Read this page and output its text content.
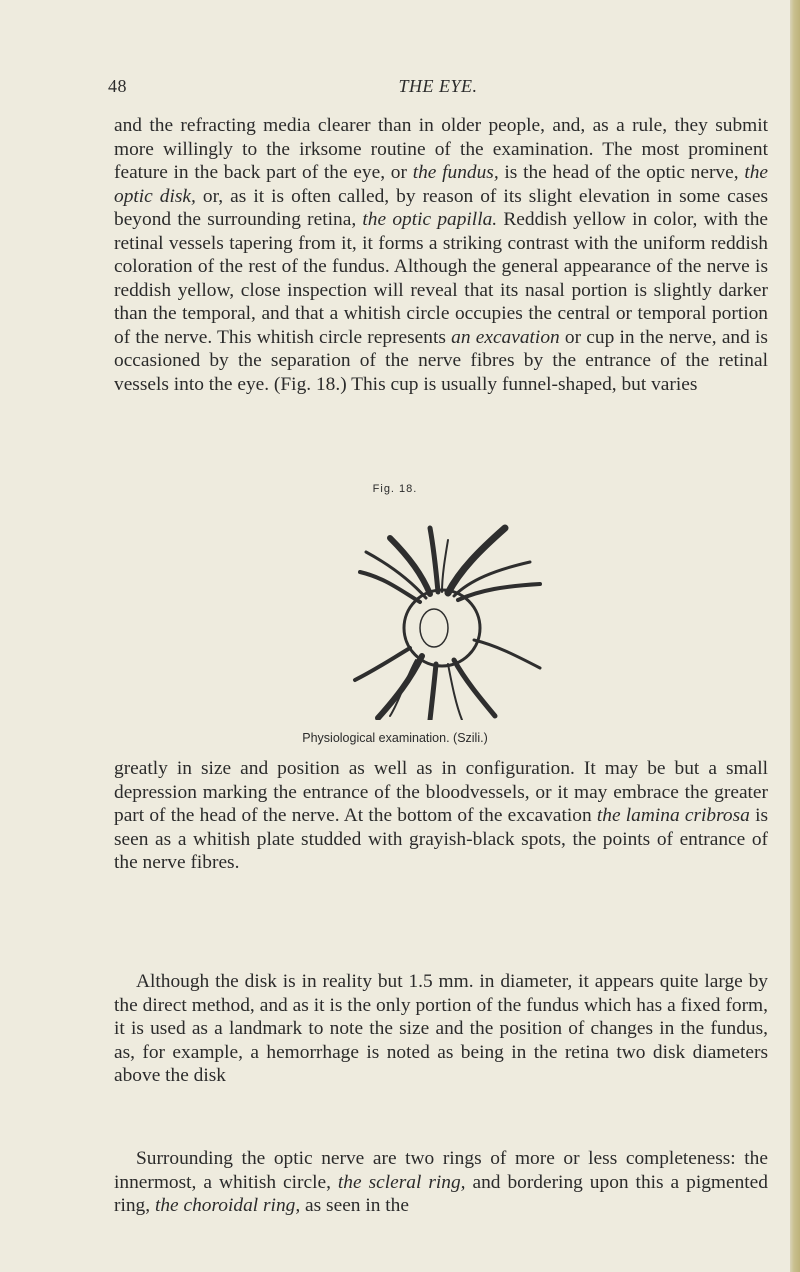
48	THE EYE.

and the refracting media clearer than in older people, and, as a rule, they submit more willingly to the irksome routine of the examination. The most prominent feature in the back part of the eye, or the fundus, is the head of the optic nerve, the optic disk, or, as it is often called, by reason of its slight elevation in some cases beyond the surrounding retina, the optic papilla. Reddish yellow in color, with the retinal vessels tapering from it, it forms a striking contrast with the uniform reddish coloration of the rest of the fundus. Although the general appearance of the nerve is reddish yellow, close inspection will reveal that its nasal portion is slightly darker than the temporal, and that a whitish circle occupies the central or temporal portion of the nerve. This whitish circle represents an excavation or cup in the nerve, and is occasioned by the separation of the nerve fibres by the entrance of the retinal vessels into the eye. (Fig. 18.) This cup is usually funnel-shaped, but varies

Fig. 18.
Physiological examination. (Szili.)

greatly in size and position as well as in configuration. It may be but a small depression marking the entrance of the bloodvessels, or it may embrace the greater part of the head of the nerve. At the bottom of the excavation the lamina cribrosa is seen as a whitish plate studded with grayish-black spots, the points of entrance of the nerve fibres.

Although the disk is in reality but 1.5 mm. in diameter, it appears quite large by the direct method, and as it is the only portion of the fundus which has a fixed form, it is used as a landmark to note the size and the position of changes in the fundus, as, for example, a hemorrhage is noted as being in the retina two disk diameters above the disk

Surrounding the optic nerve are two rings of more or less completeness: the innermost, a whitish circle, the scleral ring, and bordering upon this a pigmented ring, the choroidal ring, as seen in the
